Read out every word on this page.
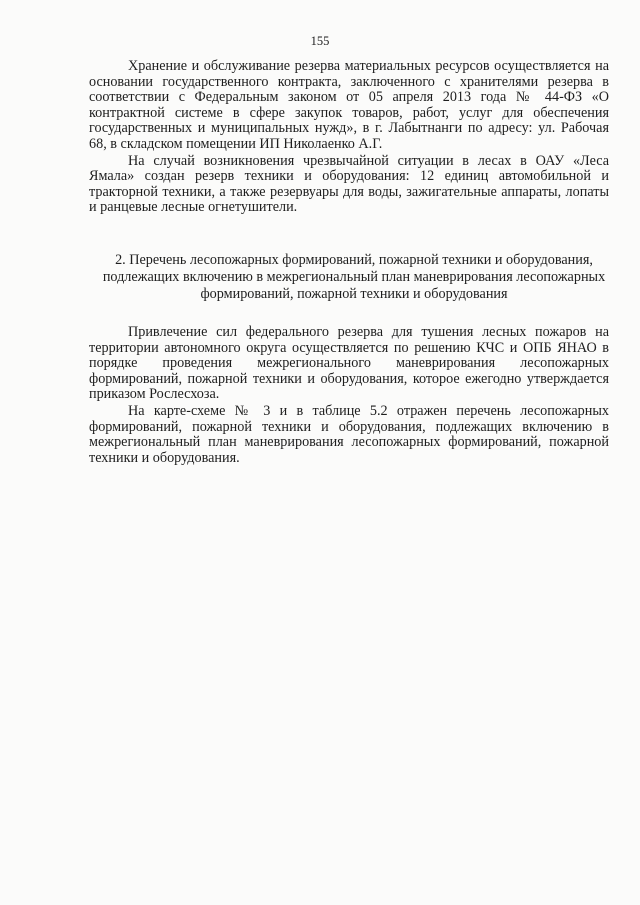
155

Хранение и обслуживание резерва материальных ресурсов осуществляется на основании государственного контракта, заключенного с хранителями резерва в соответствии с Федеральным законом от 05 апреля 2013 года № 44-ФЗ «О контрактной системе в сфере закупок товаров, работ, услуг для обеспечения государственных и муниципальных нужд», в г. Лабытнанги по адресу: ул. Рабочая 68, в складском помещении ИП Николаенко А.Г.

На случай возникновения чрезвычайной ситуации в лесах в ОАУ «Леса Ямала» создан резерв техники и оборудования: 12 единиц автомобильной и тракторной техники, а также резервуары для воды, зажигательные аппараты, лопаты и ранцевые лесные огнетушители.

2. Перечень лесопожарных формирований, пожарной техники и оборудования, подлежащих включению в межрегиональный план маневрирования лесопожарных формирований, пожарной техники и оборудования

Привлечение сил федерального резерва для тушения лесных пожаров на территории автономного округа осуществляется по решению КЧС и ОПБ ЯНАО в порядке проведения межрегионального маневрирования лесопожарных формирований, пожарной техники и оборудования, которое ежегодно утверждается приказом Рослесхоза.

На карте-схеме № 3 и в таблице 5.2 отражен перечень лесопожарных формирований, пожарной техники и оборудования, подлежащих включению в межрегиональный план маневрирования лесопожарных формирований, пожарной техники и оборудования.
